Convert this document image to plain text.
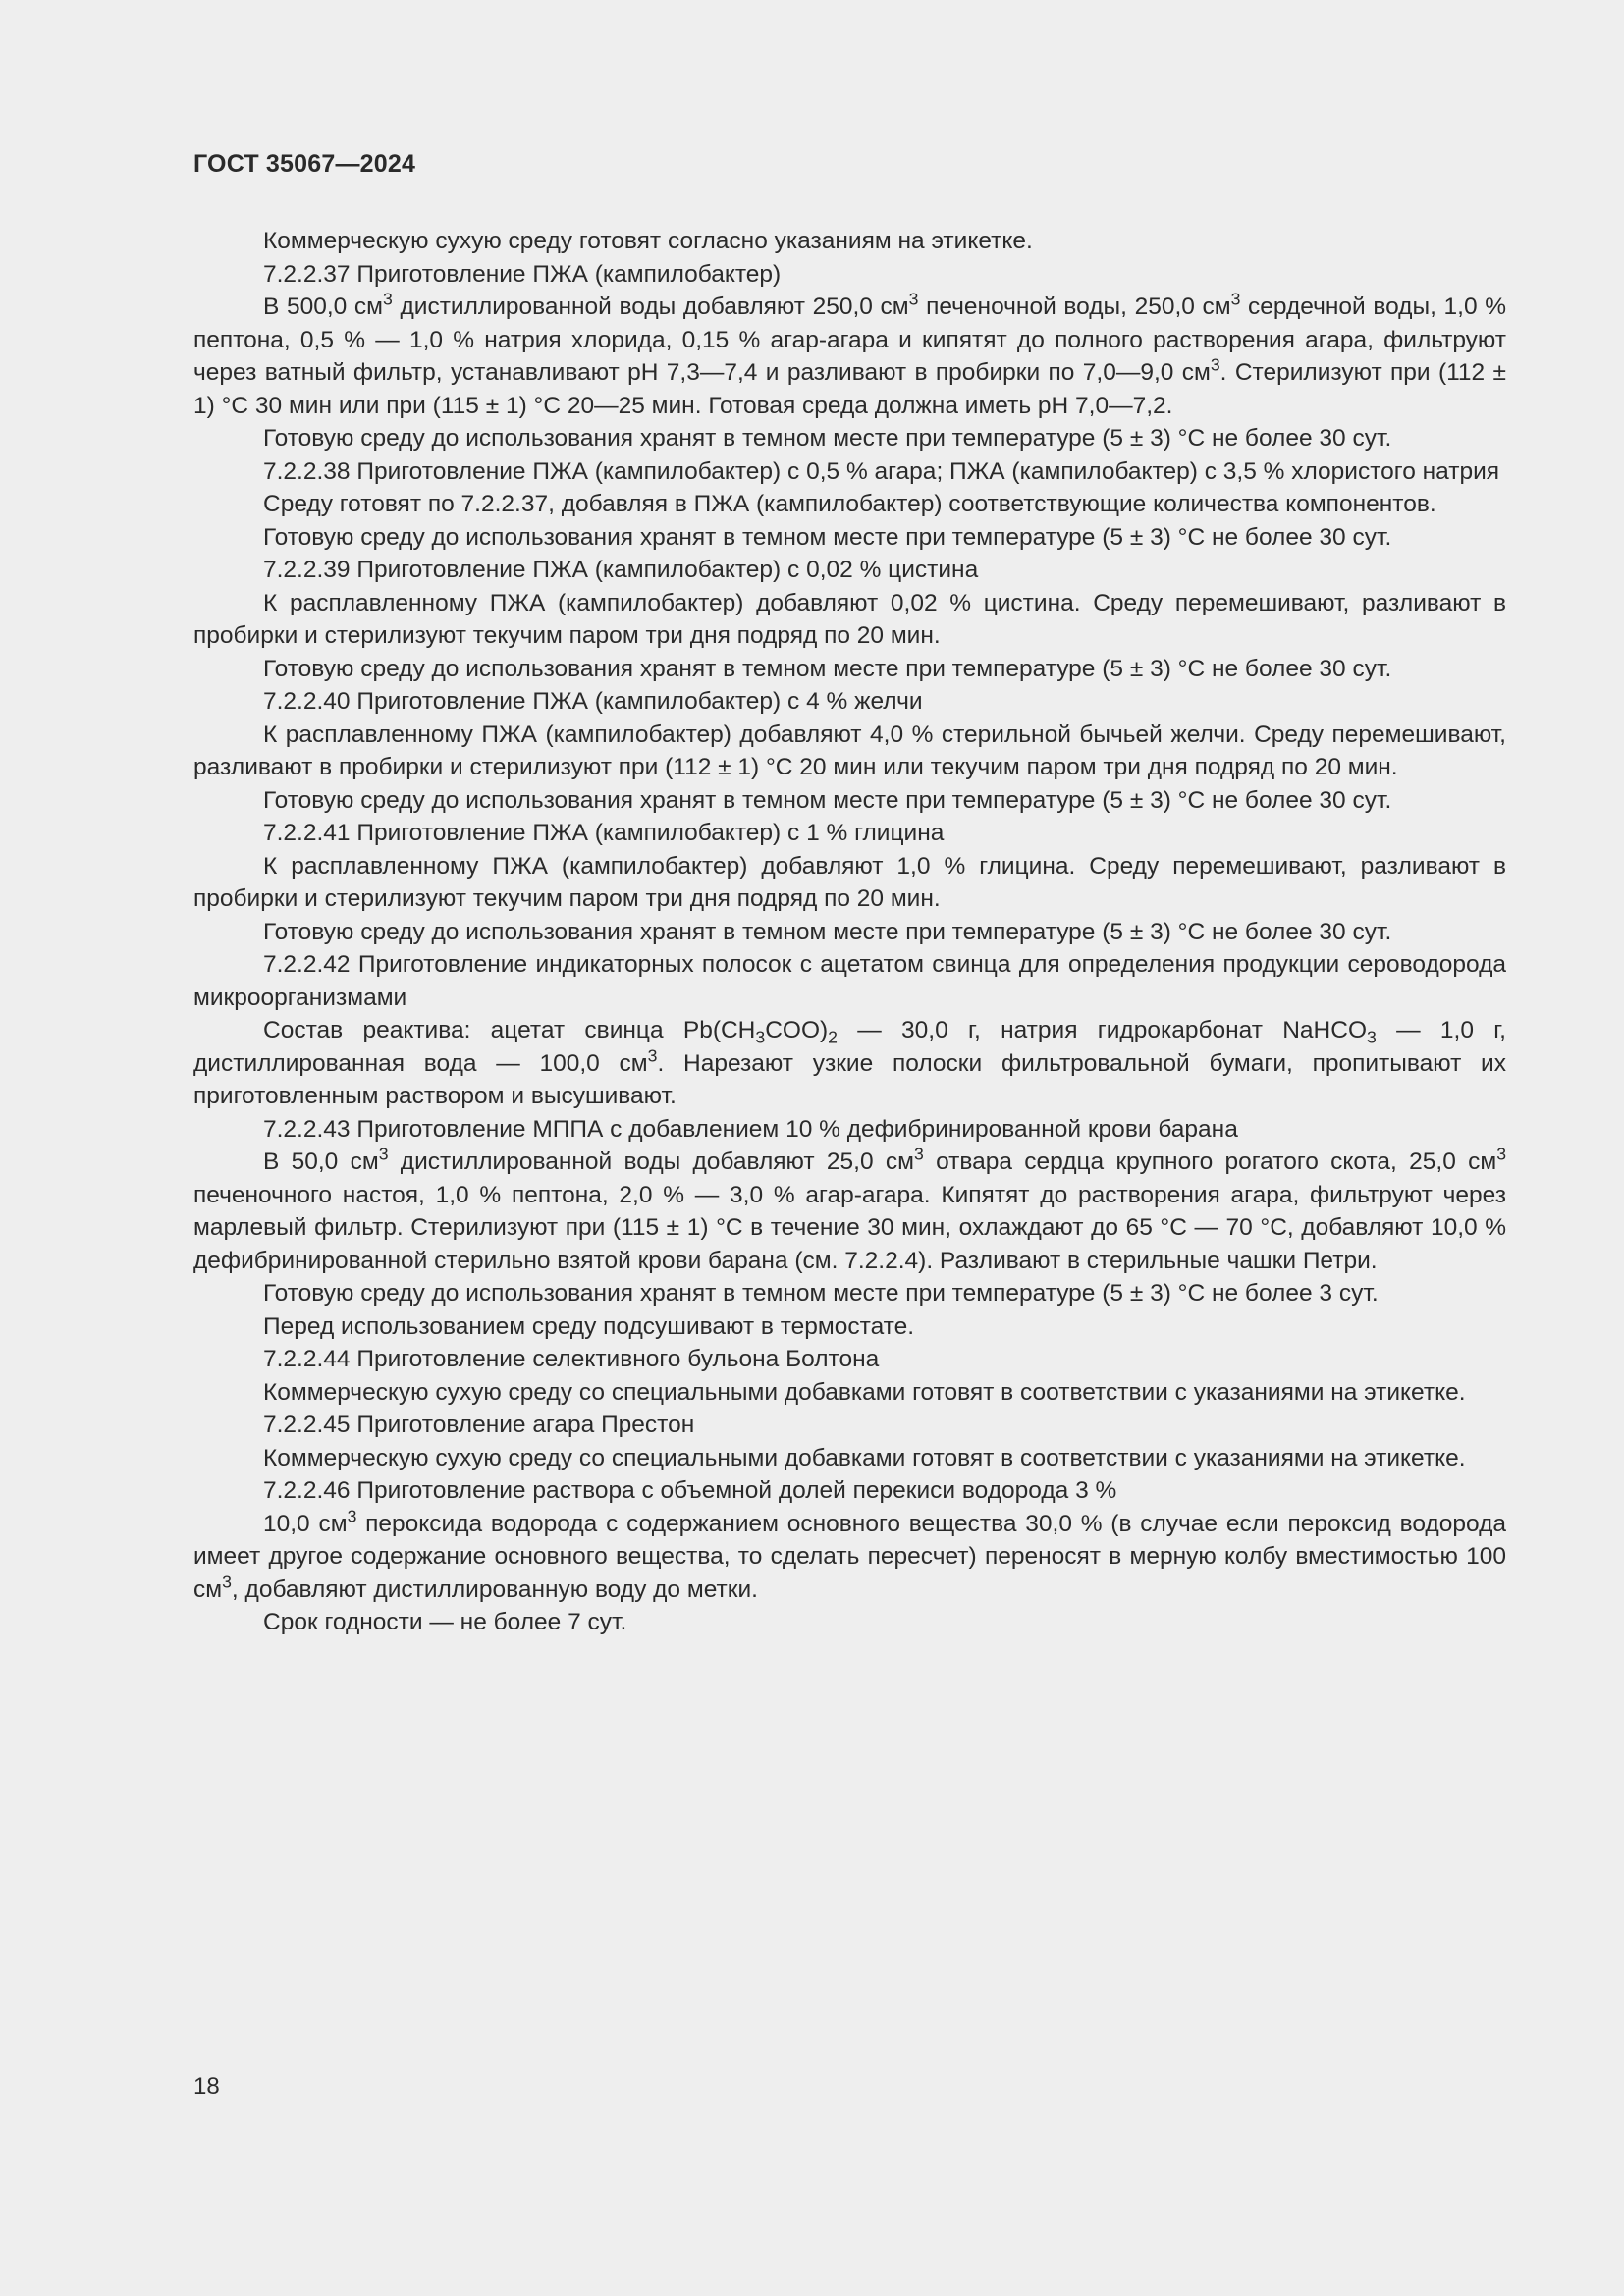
ГОСТ 35067—2024

Коммерческую сухую среду готовят согласно указаниям на этикетке.

7.2.2.37 Приготовление ПЖА (кампилобактер)

В 500,0 $см^3$ дистиллированной воды добавляют 250,0 $см^3$ печеночной воды, 250,0 $см^3$ сердечной воды, 1,0 % пептона, 0,5 % — 1,0 % натрия хлорида, 0,15 % агар-агара и кипятят до полного растворения агара, фильтруют через ватный фильтр, устанавливают рН 7,3—7,4 и разливают в пробирки по 7,0—9,0 $см^3$. Стерилизуют при (112 ± 1) °С 30 мин или при (115 ± 1) °С 20—25 мин. Готовая среда должна иметь рН 7,0—7,2.

Готовую среду до использования хранят в темном месте при температуре (5 ± 3) °С не более 30 сут.

7.2.2.38 Приготовление ПЖА (кампилобактер) с 0,5 % агара; ПЖА (кампилобактер) с 3,5 % хлористого натрия

Среду готовят по 7.2.2.37, добавляя в ПЖА (кампилобактер) соответствующие количества компонентов.

Готовую среду до использования хранят в темном месте при температуре (5 ± 3) °С не более 30 сут.

7.2.2.39 Приготовление ПЖА (кампилобактер) с 0,02 % цистина

К расплавленному ПЖА (кампилобактер) добавляют 0,02 % цистина. Среду перемешивают, разливают в пробирки и стерилизуют текучим паром три дня подряд по 20 мин.

Готовую среду до использования хранят в темном месте при температуре (5 ± 3) °С не более 30 сут.

7.2.2.40 Приготовление ПЖА (кампилобактер) с 4 % желчи

К расплавленному ПЖА (кампилобактер) добавляют 4,0 % стерильной бычьей желчи. Среду перемешивают, разливают в пробирки и стерилизуют при (112 ± 1) °С 20 мин или текучим паром три дня подряд по 20 мин.

Готовую среду до использования хранят в темном месте при температуре (5 ± 3) °С не более 30 сут.

7.2.2.41 Приготовление ПЖА (кампилобактер) с 1 % глицина

К расплавленному ПЖА (кампилобактер) добавляют 1,0 % глицина. Среду перемешивают, разливают в пробирки и стерилизуют текучим паром три дня подряд по 20 мин.

Готовую среду до использования хранят в темном месте при температуре (5 ± 3) °С не более 30 сут.

7.2.2.42 Приготовление индикаторных полосок с ацетатом свинца для определения продукции сероводорода микроорганизмами

Состав реактива: ацетат свинца $Pb(CH_3COO)_2$ — 30,0 г, натрия гидрокарбонат NaHCO$_3$ — 1,0 г, дистиллированная вода — 100,0 $см^3$. Нарезают узкие полоски фильтровальной бумаги, пропитывают их приготовленным раствором и высушивают.

7.2.2.43 Приготовление МППА с добавлением 10 % дефибринированной крови барана

В 50,0 $см^3$ дистиллированной воды добавляют 25,0 $см^3$ отвара сердца крупного рогатого скота, 25,0 $см^3$ печеночного настоя, 1,0 % пептона, 2,0 % — 3,0 % агар-агара. Кипятят до растворения агара, фильтруют через марлевый фильтр. Стерилизуют при (115 ± 1) °С в течение 30 мин, охлаждают до 65 °С — 70 °С, добавляют 10,0 % дефибринированной стерильно взятой крови барана (см. 7.2.2.4). Разливают в стерильные чашки Петри.

Готовую среду до использования хранят в темном месте при температуре (5 ± 3) °С не более 3 сут.

Перед использованием среду подсушивают в термостате.

7.2.2.44 Приготовление селективного бульона Болтона

Коммерческую сухую среду со специальными добавками готовят в соответствии с указаниями на этикетке.

7.2.2.45 Приготовление агара Престон

Коммерческую сухую среду со специальными добавками готовят в соответствии с указаниями на этикетке.

7.2.2.46 Приготовление раствора с объемной долей перекиси водорода 3 %

10,0 $см^3$ пероксида водорода с содержанием основного вещества 30,0 % (в случае если пероксид водорода имеет другое содержание основного вещества, то сделать пересчет) переносят в мерную колбу вместимостью 100 $см^3$, добавляют дистиллированную воду до метки.

Срок годности — не более 7 сут.

18
